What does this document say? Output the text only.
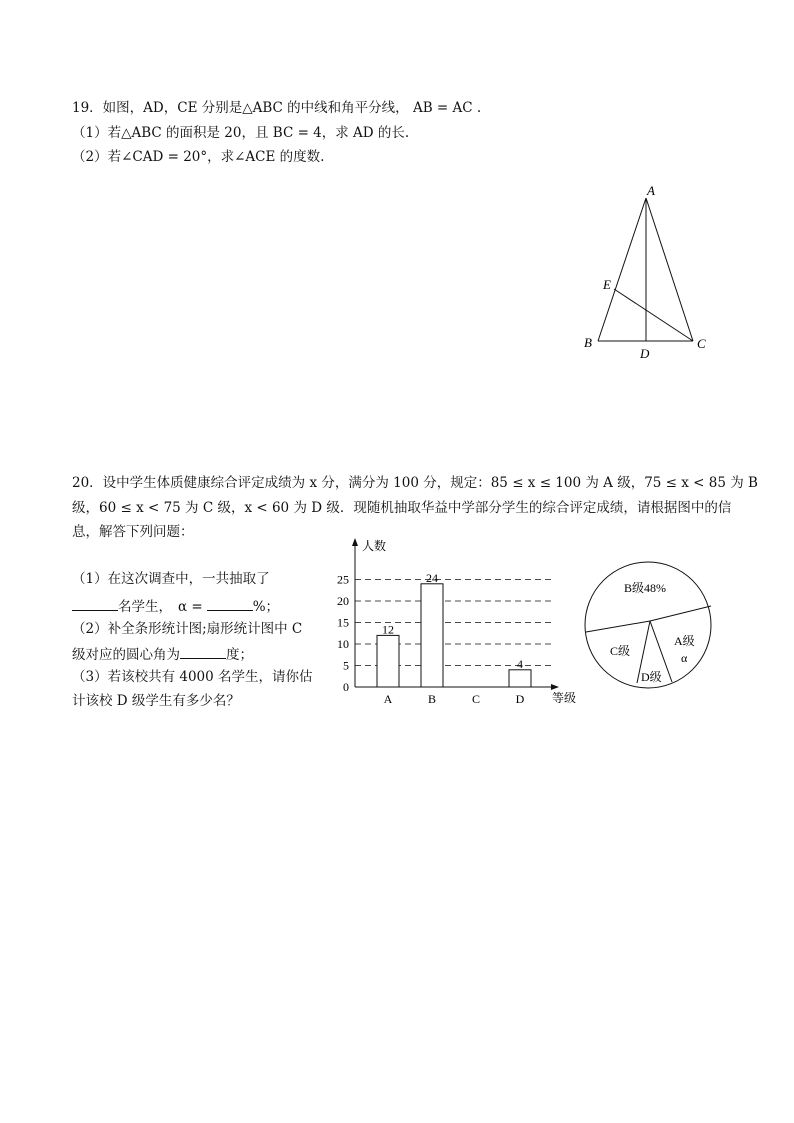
19．如图，AD，CE 分别是△ABC 的中线和角平分线， AB = AC .
（1）若△ABC 的面积是 20，且 BC = 4，求 AD 的长.
（2）若∠CAD = 20°，求∠ACE 的度数.
A
B	C
D
E
20．设中学生体质健康综合评定成绩为 x 分，满分为 100 分，规定：85 ≤ x ≤ 100 为 A 级，75 ≤ x < 85 为 B
级，60 ≤ x < 75 为 C 级，x < 60 为 D 级．现随机抽取华益中学部分学生的综合评定成绩，请根据图中的信
息，解答下列问题：
（1）在这次调查中，一共抽取了
名学生， α =	%；
（2）补全条形统计图;扇形统计图中 C
级对应的圆心角为	度；
（3）若该校共有 4000 名学生，请你估
计该校 D 级学生有多少名？
0
5
10
15
20
25
A
12
B
24
C	D
4
人数
等级
B级48%
C级
D级
A级
α
